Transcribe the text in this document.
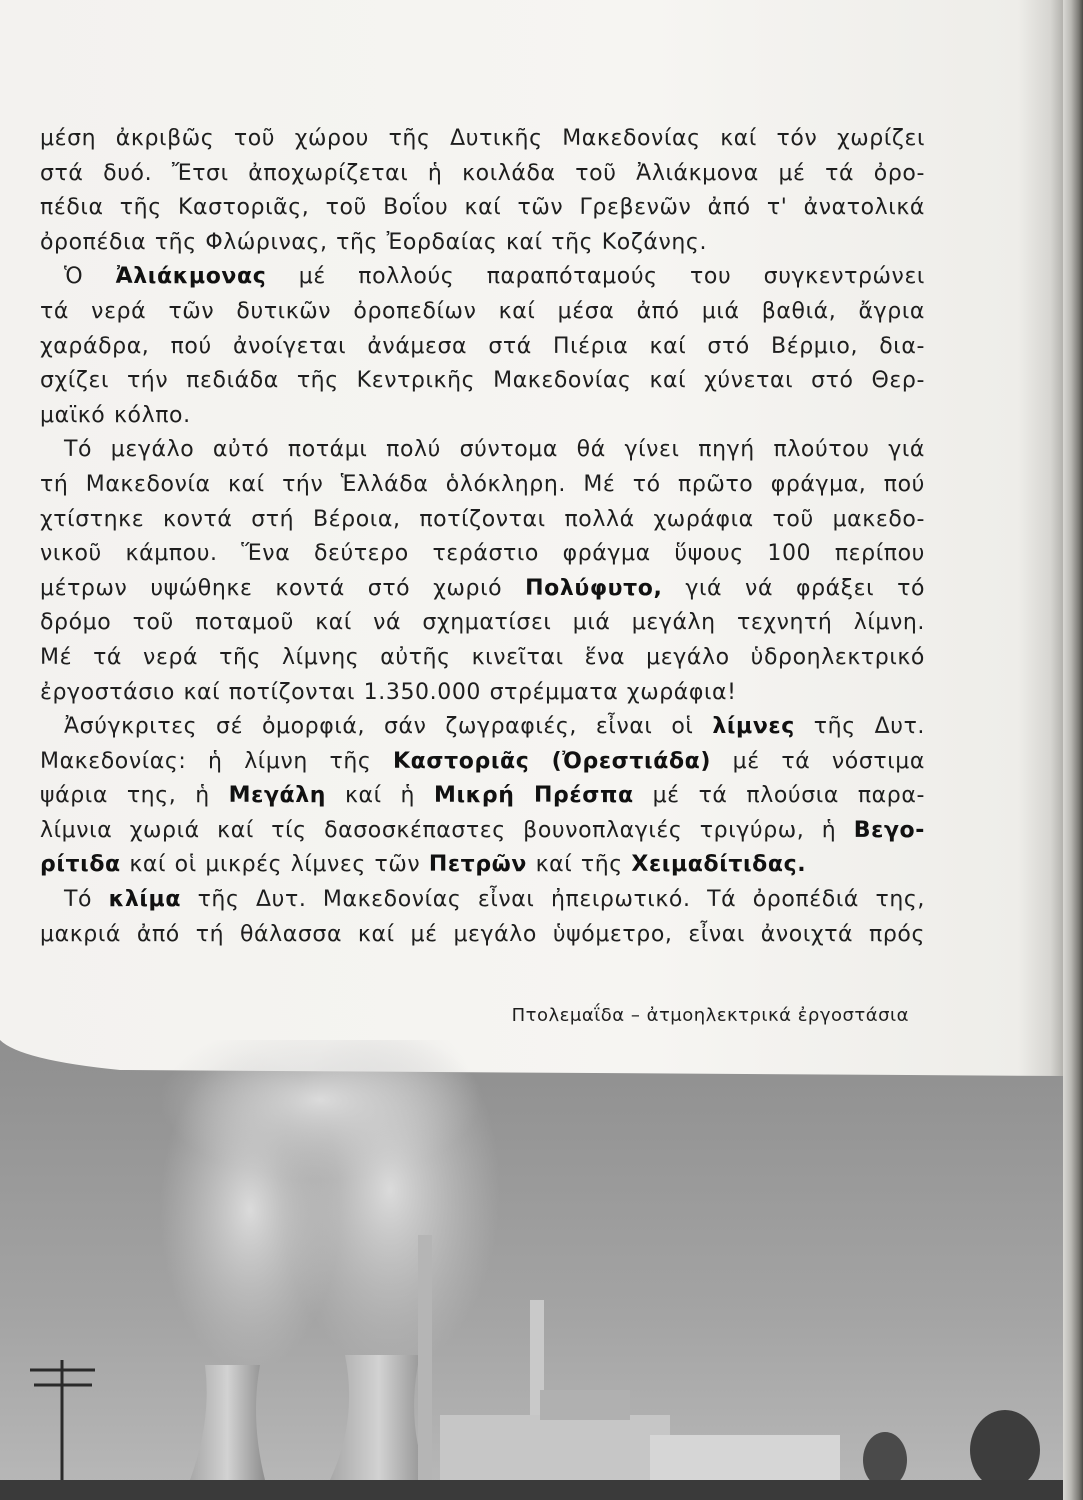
μέση ἀκριβῶς τοῦ χώρου τῆς Δυτικῆς Μακεδονίας καί τόν χωρίζει

στά δυό. Ἔτσι ἀποχωρίζεται ἡ κοιλάδα τοῦ Ἀλιάκμονα μέ τά ὀρο-

πέδια τῆς Καστοριᾶς, τοῦ Βοΐου καί τῶν Γρεβενῶν ἀπό τ' ἀνατολικά

ὀροπέδια τῆς Φλώρινας, τῆς Ἐορδαίας καί τῆς Κοζάνης.

Ὁ Ἀλιάκμονας μέ πολλούς παραπόταμούς του συγκεντρώνει

τά νερά τῶν δυτικῶν ὀροπεδίων καί μέσα ἀπό μιά βαθιά, ἄγρια

χαράδρα, πού ἀνοίγεται ἀνάμεσα στά Πιέρια καί στό Βέρμιο, δια-

σχίζει τήν πεδιάδα τῆς Κεντρικῆς Μακεδονίας καί χύνεται στό Θερ-

μαϊκό κόλπο.

Τό μεγάλο αὐτό ποτάμι πολύ σύντομα θά γίνει πηγή πλούτου γιά

τή Μακεδονία καί τήν Ἑλλάδα ὁλόκληρη. Μέ τό πρῶτο φράγμα, πού

χτίστηκε κοντά στή Βέροια, ποτίζονται πολλά χωράφια τοῦ μακεδο-

νικοῦ κάμπου. Ἕνα δεύτερο τεράστιο φράγμα ὕψους 100 περίπου

μέτρων υψώθηκε κοντά στό χωριό Πολύφυτο, γιά νά φράξει τό

δρόμο τοῦ ποταμοῦ καί νά σχηματίσει μιά μεγάλη τεχνητή λίμνη.

Μέ τά νερά τῆς λίμνης αὐτῆς κινεῖται ἕνα μεγάλο ὑδροηλεκτρικό

ἐργοστάσιο καί ποτίζονται 1.350.000 στρέμματα χωράφια!

Ἀσύγκριτες σέ ὀμορφιά, σάν ζωγραφιές, εἶναι οἱ λίμνες τῆς Δυτ.

Μακεδονίας: ἡ λίμνη τῆς Καστοριᾶς (Ὀρεστιάδα) μέ τά νόστιμα

ψάρια της, ἡ Μεγάλη καί ἡ Μικρή Πρέσπα μέ τά πλούσια παρα-

λίμνια χωριά καί τίς δασοσκέπαστες βουνοπλαγιές τριγύρω, ἡ Βεγο-

ρίτιδα καί οἱ μικρές λίμνες τῶν Πετρῶν καί τῆς Χειμαδίτιδας.

Τό κλίμα τῆς Δυτ. Μακεδονίας εἶναι ἠπειρωτικό. Τά ὀροπέδιά της,

μακριά ἀπό τή θάλασσα καί μέ μεγάλο ὑψόμετρο, εἶναι ἀνοιχτά πρός

Πτολεμαΐδα – ἀτμοηλεκτρικά ἐργοστάσια
